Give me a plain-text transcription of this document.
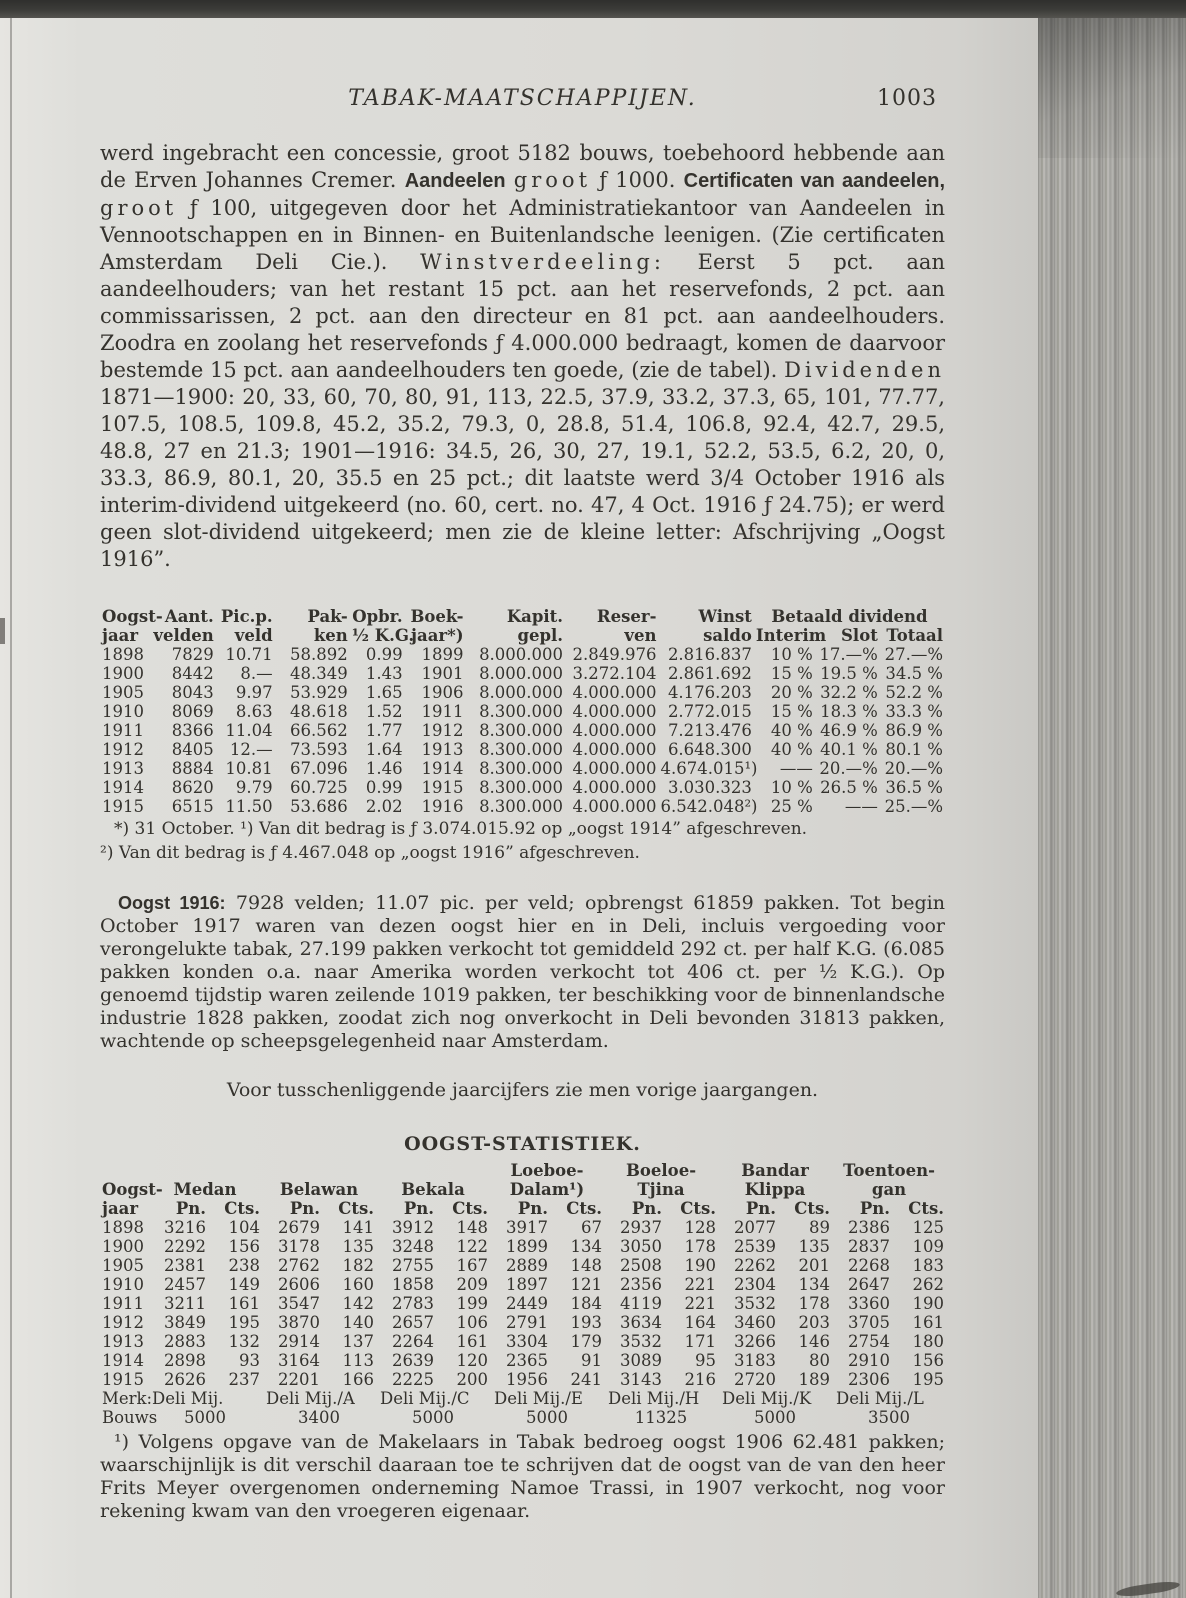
TABAK-MAATSCHAPPIJEN.	1003

werd ingebracht een concessie, groot 5182 bouws, toebehoord hebbende aan de Erven Johannes Cremer. Aandeelen groot ƒ 1000. Certificaten van aandeelen, groot ƒ 100, uitgegeven door het Administratiekantoor van Aandeelen in Vennootschappen en in Binnen- en Buitenlandsche leenigen. (Zie certificaten Amsterdam Deli Cie.). Winstverdeeling: Eerst 5 pct. aan aandeelhouders; van het restant 15 pct. aan het reservefonds, 2 pct. aan commissarissen, 2 pct. aan den directeur en 81 pct. aan aandeelhouders. Zoodra en zoolang het reservefonds ƒ 4.000.000 bedraagt, komen de daarvoor bestemde 15 pct. aan aandeelhouders ten goede, (zie de tabel). Dividenden 1871—1900: 20, 33, 60, 70, 80, 91, 113, 22.5, 37.9, 33.2, 37.3, 65, 101, 77.77, 107.5, 108.5, 109.8, 45.2, 35.2, 79.3, 0, 28.8, 51.4, 106.8, 92.4, 42.7, 29.5, 48.8, 27 en 21.3; 1901—1916: 34.5, 26, 30, 27, 19.1, 52.2, 53.5, 6.2, 20, 0, 33.3, 86.9, 80.1, 20, 35.5 en 25 pct.; dit laatste werd 3/4 October 1916 als interim-dividend uitgekeerd (no. 60, cert. no. 47, 4 Oct. 1916 ƒ 24.75); er werd geen slot-dividend uitgekeerd; men zie de kleine letter: Afschrijving „Oogst 1916”.

Oogst-	Aant.	Pic.p.	Pak-	Opbr.	Boek-	Kapit.	Reser-	Winst	Betaald dividend		
jaar	velden	veld	ken	½ K.G.	jaar*)	gepl.	ven	saldo	Interim	Slot	Totaal
1898	7829	10.71	58.892	0.99	1899	8.000.000	2.849.976	2.816.837	10 %	17.—%	27.—%
1900	8442	8.—	48.349	1.43	1901	8.000.000	3.272.104	2.861.692	15 %	19.5 %	34.5 %
1905	8043	9.97	53.929	1.65	1906	8.000.000	4.000.000	4.176.203	20 %	32.2 %	52.2 %
1910	8069	8.63	48.618	1.52	1911	8.300.000	4.000.000	2.772.015	15 %	18.3 %	33.3 %
1911	8366	11.04	66.562	1.77	1912	8.300.000	4.000.000	7.213.476	40 %	46.9 %	86.9 %
1912	8405	12.—	73.593	1.64	1913	8.300.000	4.000.000	6.648.300	40 %	40.1 %	80.1 %
1913	8884	10.81	67.096	1.46	1914	8.300.000	4.000.000	4.674.015¹)	——	20.—%	20.—%
1914	8620	9.79	60.725	0.99	1915	8.300.000	4.000.000	3.030.323	10 %	26.5 %	36.5 %
1915	6515	11.50	53.686	2.02	1916	8.300.000	4.000.000	6.542.048²)	25 %	——	25.—%
*) 31 October. ¹) Van dit bedrag is ƒ 3.074.015.92 op „oogst 1914” afgeschreven.
²) Van dit bedrag is ƒ 4.467.048 op „oogst 1916” afgeschreven.

Oogst 1916: 7928 velden; 11.07 pic. per veld; opbrengst 61859 pakken. Tot begin October 1917 waren van dezen oogst hier en in Deli, incluis vergoeding voor verongelukte tabak, 27.199 pakken verkocht tot gemiddeld 292 ct. per half K.G. (6.085 pakken konden o.a. naar Amerika worden verkocht tot 406 ct. per ½ K.G.). Op genoemd tijdstip waren zeilende 1019 pakken, ter beschikking voor de binnenlandsche industrie 1828 pakken, zoodat zich nog onverkocht in Deli bevonden 31813 pakken, wachtende op scheepsgelegenheid naar Amsterdam.

Voor tusschenliggende jaarcijfers zie men vorige jaargangen.
OOGST-STATISTIEK.
							Loeboe-		Boeloe-		Bandar		Toentoen-	
Oogst-	Medan		Belawan		Bekala		Dalam¹)		Tjina		Klippa		gan	
jaar	Pn.	Cts.	Pn.	Cts.	Pn.	Cts.	Pn.	Cts.	Pn.	Cts.	Pn.	Cts.	Pn.	Cts.
1898	3216	104	2679	141	3912	148	3917	67	2937	128	2077	89	2386	125
1900	2292	156	3178	135	3248	122	1899	134	3050	178	2539	135	2837	109
1905	2381	238	2762	182	2755	167	2889	148	2508	190	2262	201	2268	183
1910	2457	149	2606	160	1858	209	1897	121	2356	221	2304	134	2647	262
1911	3211	161	3547	142	2783	199	2449	184	4119	221	3532	178	3360	190
1912	3849	195	3870	140	2657	106	2791	193	3634	164	3460	203	3705	161
1913	2883	132	2914	137	2264	161	3304	179	3532	171	3266	146	2754	180
1914	2898	93	3164	113	2639	120	2365	91	3089	95	3183	80	2910	156
1915	2626	237	2201	166	2225	200	1956	241	3143	216	2720	189	2306	195
Merk:	Deli Mij.		Deli Mij./A		Deli Mij./C		Deli Mij./E		Deli Mij./H		Deli Mij./K		Deli Mij./L	
Bouws	5000		3400		5000		5000		11325		5000		3500	

¹) Volgens opgave van de Makelaars in Tabak bedroeg oogst 1906 62.481 pakken; waarschijnlijk is dit verschil daaraan toe te schrijven dat de oogst van de van den heer Frits Meyer overgenomen onderneming Namoe Trassi, in 1907 verkocht, nog voor rekening kwam van den vroegeren eigenaar.
